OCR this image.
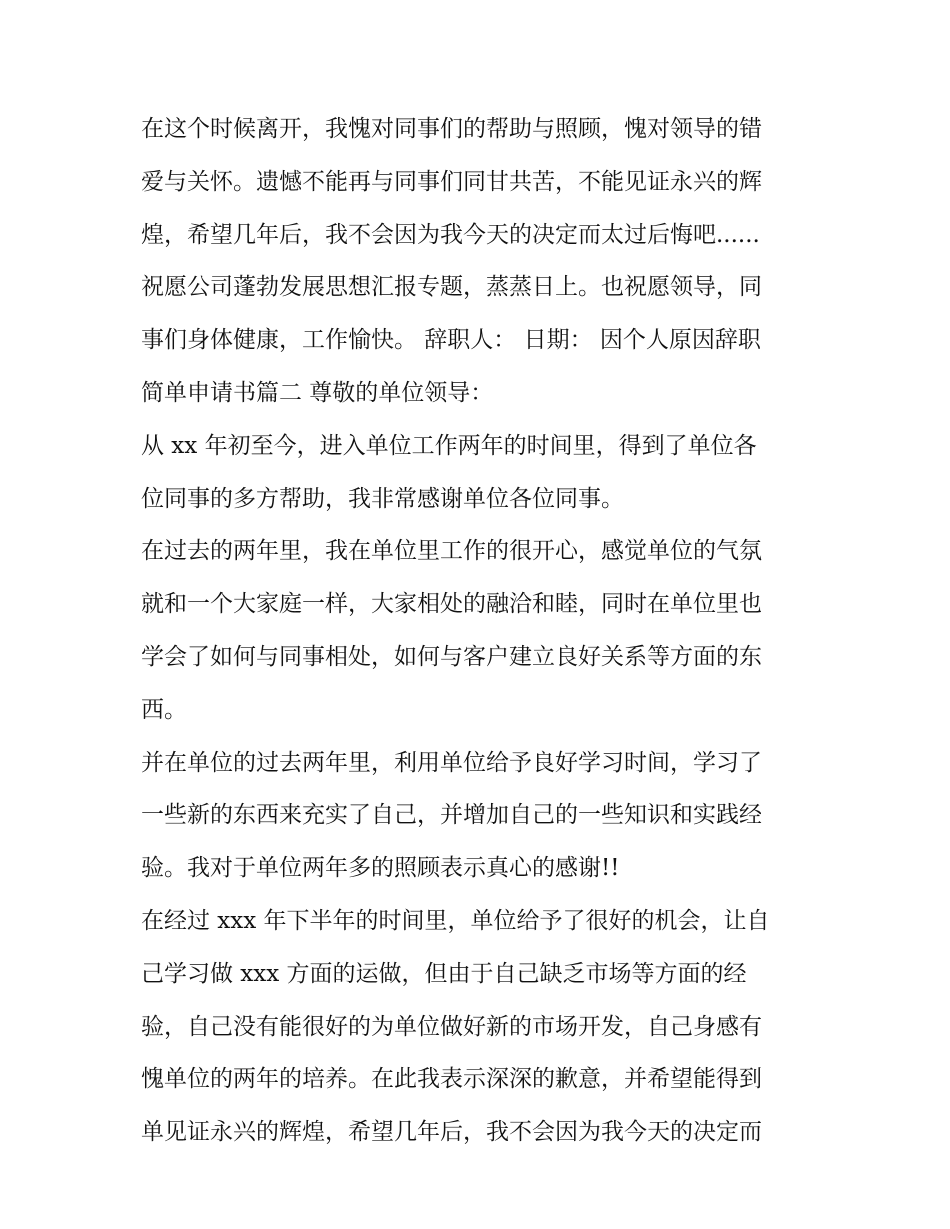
在这个时候离开，我愧对同事们的帮助与照顾，愧对领导的错
爱与关怀。遗憾不能再与同事们同甘共苦，不能见证永兴的辉
煌，希望几年后，我不会因为我今天的决定而太过后悔吧......
祝愿公司蓬勃发展思想汇报专题，蒸蒸日上。也祝愿领导，同
事们身体健康，工作愉快。 辞职人： 日期： 因个人原因辞职
简单申请书篇二 尊敬的单位领导：
从 xx 年初至今，进入单位工作两年的时间里，得到了单位各
位同事的多方帮助，我非常感谢单位各位同事。
在过去的两年里，我在单位里工作的很开心，感觉单位的气氛
就和一个大家庭一样，大家相处的融洽和睦，同时在单位里也
学会了如何与同事相处，如何与客户建立良好关系等方面的东
西。
并在单位的过去两年里，利用单位给予良好学习时间，学习了
一些新的东西来充实了自己，并增加自己的一些知识和实践经
验。我对于单位两年多的照顾表示真心的感谢!!
在经过 xxx 年下半年的时间里，单位给予了很好的机会，让自
己学习做 xxx 方面的运做，但由于自己缺乏市场等方面的经
验，自己没有能很好的为单位做好新的市场开发，自己身感有
愧单位的两年的培养。在此我表示深深的歉意，并希望能得到
单见证永兴的辉煌，希望几年后，我不会因为我今天的决定而
